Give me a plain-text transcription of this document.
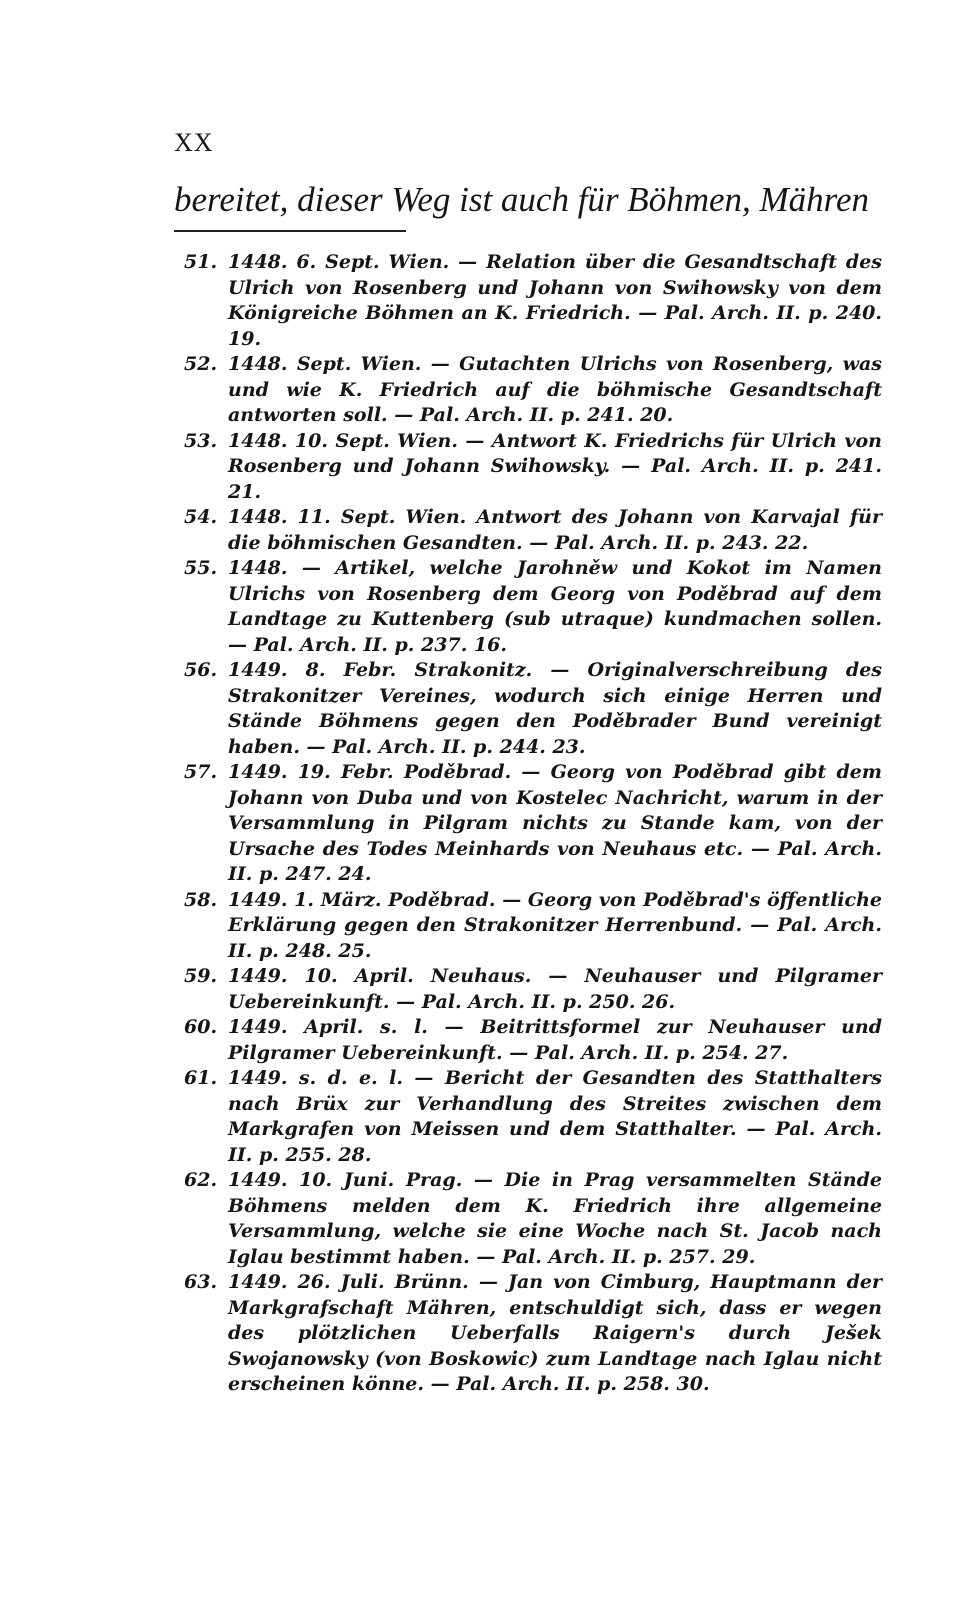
XX
bereitet, dieser Weg ist auch für Böhmen, Mähren

51. 1448. 6. Sept. Wien. — Relation über die Gesandtschaft des Ulrich von Rosenberg und Johann von Swihowsky von dem Königreiche Böhmen an K. Friedrich. — Pal. Arch. II. p. 240. 19.

52. 1448. Sept. Wien. — Gutachten Ulrichs von Rosenberg, was und wie K. Friedrich auf die böhmische Gesandtschaft antworten soll. — Pal. Arch. II. p. 241. 20.

53. 1448. 10. Sept. Wien. — Antwort K. Friedrichs für Ulrich von Rosenberg und Johann Swihowsky. — Pal. Arch. II. p. 241. 21.

54. 1448. 11. Sept. Wien. Antwort des Johann von Karvajal für die böhmischen Gesandten. — Pal. Arch. II. p. 243. 22.

55. 1448. — Artikel, welche Jarohněw und Kokot im Namen Ulrichs von Rosenberg dem Georg von Poděbrad auf dem Landtage zu Kuttenberg (sub utraque) kundmachen sollen. — Pal. Arch. II. p. 237. 16.

56. 1449. 8. Febr. Strakonitz. — Originalverschreibung des Strakonitzer Vereines, wodurch sich einige Herren und Stände Böhmens gegen den Poděbrader Bund vereinigt haben. — Pal. Arch. II. p. 244. 23.

57. 1449. 19. Febr. Poděbrad. — Georg von Poděbrad gibt dem Johann von Duba und von Kostelec Nachricht, warum in der Versammlung in Pilgram nichts zu Stande kam, von der Ursache des Todes Meinhards von Neuhaus etc. — Pal. Arch. II. p. 247. 24.

58. 1449. 1. März. Poděbrad. — Georg von Poděbrad's öffentliche Erklärung gegen den Strakonitzer Herrenbund. — Pal. Arch. II. p. 248. 25.

59. 1449. 10. April. Neuhaus. — Neuhauser und Pilgramer Uebereinkunft. — Pal. Arch. II. p. 250. 26.

60. 1449. April. s. l. — Beitrittsformel zur Neuhauser und Pilgramer Uebereinkunft. — Pal. Arch. II. p. 254. 27.

61. 1449. s. d. e. l. — Bericht der Gesandten des Statthalters nach Brüx zur Verhandlung des Streites zwischen dem Markgrafen von Meissen und dem Statthalter. — Pal. Arch. II. p. 255. 28.

62. 1449. 10. Juni. Prag. — Die in Prag versammelten Stände Böhmens melden dem K. Friedrich ihre allgemeine Versammlung, welche sie eine Woche nach St. Jacob nach Iglau bestimmt haben. — Pal. Arch. II. p. 257. 29.

63. 1449. 26. Juli. Brünn. — Jan von Cimburg, Hauptmann der Markgrafschaft Mähren, entschuldigt sich, dass er wegen des plötzlichen Ueberfalls Raigern's durch Ješek Swojanowsky (von Boskowic) zum Landtage nach Iglau nicht erscheinen könne. — Pal. Arch. II. p. 258. 30.
